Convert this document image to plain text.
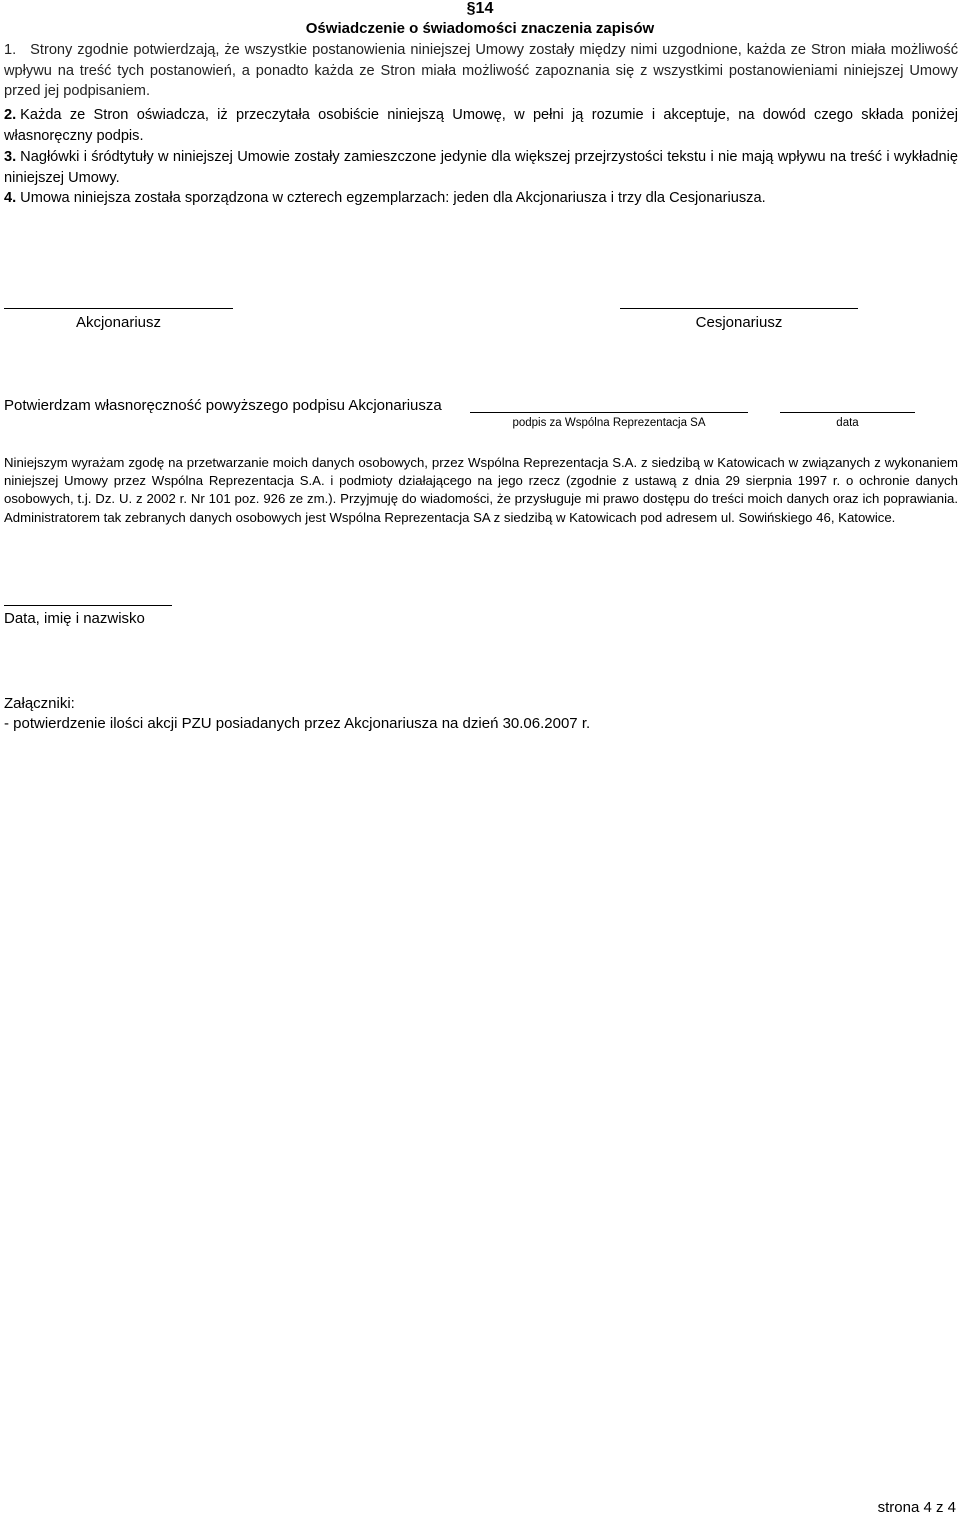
§14
Oświadczenie o świadomości znaczenia zapisów
1. Strony zgodnie potwierdzają, że wszystkie postanowienia niniejszej Umowy zostały między nimi uzgodnione, każda ze Stron miała możliwość wpływu na treść tych postanowień, a ponadto każda ze Stron miała możliwość zapoznania się z wszystkimi postanowieniami niniejszej Umowy przed jej podpisaniem.
2. Każda ze Stron oświadcza, iż przeczytała osobiście niniejszą Umowę, w pełni ją rozumie i akceptuje, na dowód czego składa poniżej własnoręczny podpis.
3. Nagłówki i śródtytuły w niniejszej Umowie zostały zamieszczone jedynie dla większej przejrzystości tekstu i nie mają wpływu na treść i wykładnię niniejszej Umowy.
4. Umowa niniejsza została sporządzona w czterech egzemplarzach: jeden dla Akcjonariusza i trzy dla Cesjonariusza.
Akcjonariusz	Cesjonariusz
Potwierdzam własnoręczność powyższego podpisu Akcjonariusza
podpis za Wspólna Reprezentacja SA	data
Niniejszym wyrażam zgodę na przetwarzanie moich danych osobowych, przez Wspólna Reprezentacja S.A. z siedzibą w Katowicach w związanych z wykonaniem niniejszej Umowy przez Wspólna Reprezentacja S.A. i podmioty działającego na jego rzecz (zgodnie z ustawą z dnia 29 sierpnia 1997 r. o ochronie danych osobowych, t.j. Dz. U. z 2002 r. Nr 101 poz. 926 ze zm.). Przyjmuję do wiadomości, że przysługuje mi prawo dostępu do treści moich danych oraz ich poprawiania. Administratorem tak zebranych danych osobowych jest Wspólna Reprezentacja SA z siedzibą w Katowicach pod adresem ul. Sowińskiego 46, Katowice.
Data, imię i nazwisko
Załączniki:
- potwierdzenie ilości akcji PZU posiadanych przez Akcjonariusza na dzień 30.06.2007 r.
strona 4 z 4
